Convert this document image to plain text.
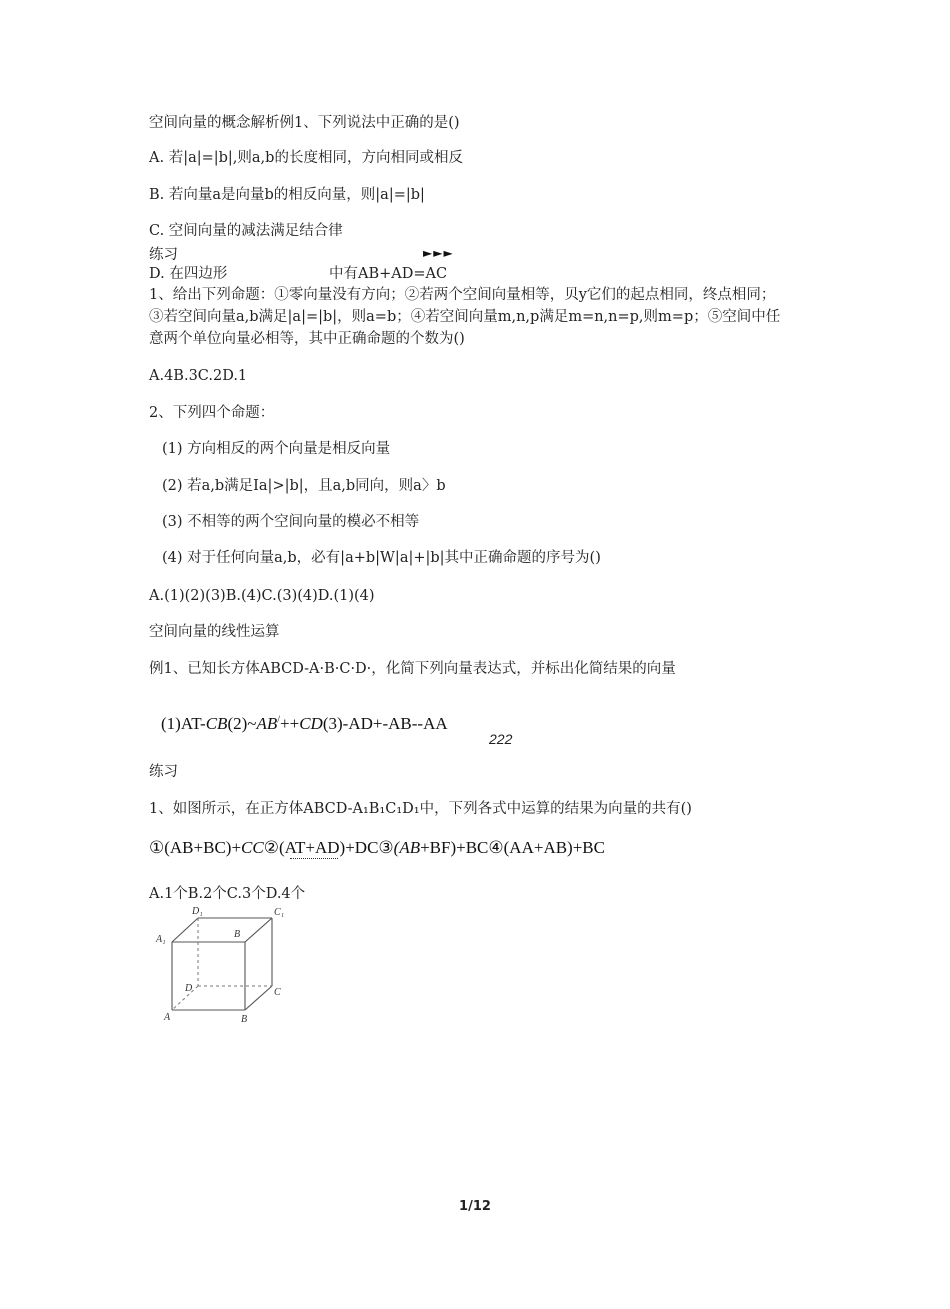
空间向量的概念解析例1、下列说法中正确的是()
A. 若|a|=|b|,则a,b的长度相同，方向相同或相反
B. 若向量a是向量b的相反向量，则|a|=|b|
C. 空间向量的减法满足结合律
►►►
练习
D. 在四边形	中有AB+AD=AC
1、给出下列命题：①零向量没有方向；②若两个空间向量相等，贝y它们的起点相同，终点相同；③若空间向量a,b满足|a|=|b|，则a=b；④若空间向量m,n,p满足m=n,n=p,则m=p；⑤空间中任意两个单位向量必相等，其中正确命题的个数为()
A.4B.3C.2D.1
2、下列四个命题：
(1) 方向相反的两个向量是相反向量
(2) 若a,b满足Ia|>|b|，且a,b同向，则a〉b
(3) 不相等的两个空间向量的模必不相等
(4) 对于任何向量a,b，必有|a+b|W|a|+|b|其中正确命题的序号为()
A.(1)(2)(3)B.(4)C.(3)(4)D.(1)(4)
空间向量的线性运算
例1、已知长方体ABCD-A·B·C·D·，化简下列向量表达式，并标出化简结果的向量
(1)AT-CB(2)~AB/++CD(3)-AD+-AB--AA
222
练习
1、如图所示，在正方体ABCD-A₁B₁C₁D₁中，下列各式中运算的结果为向量的共有()
①(AB+BC)+CC②(AT+AD)+DC③(AB+BF)+BC④(AA+AB)+BC
A.1个B.2个C.3个D.4个
D₁	C₁
A₁	B
D	C
A	B
1/12
